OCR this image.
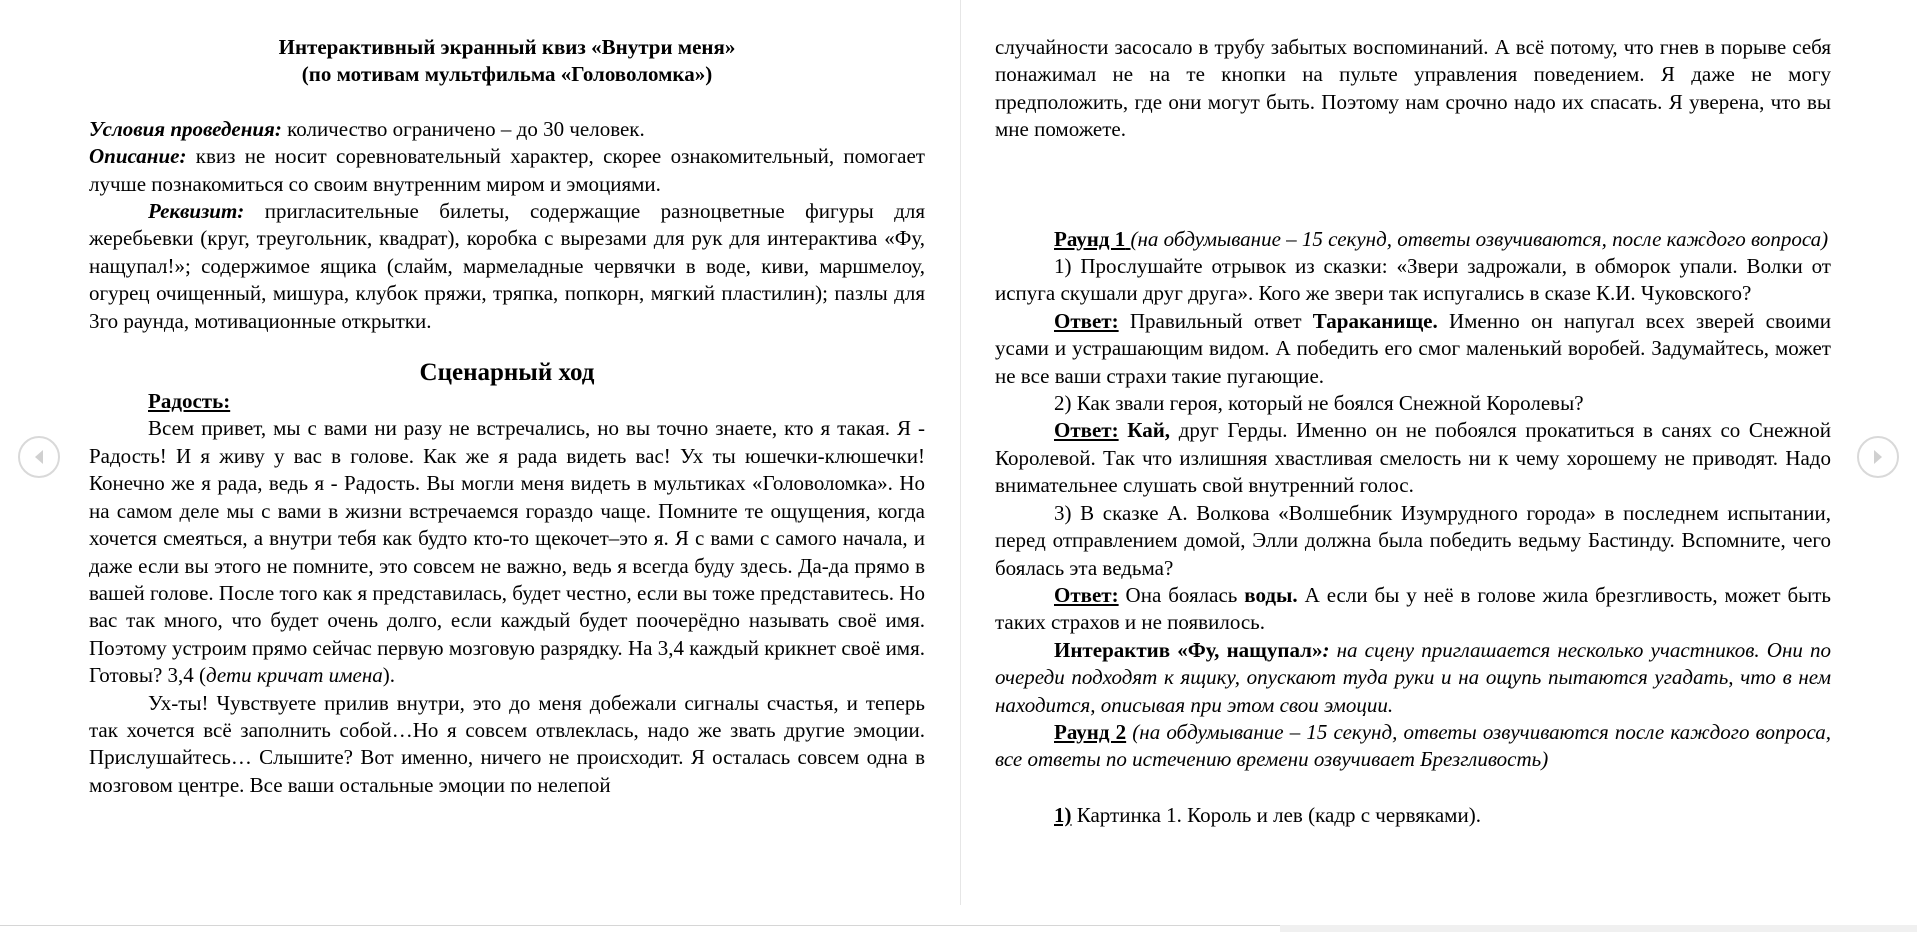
Интерактивный экранный квиз «Внутри меня»

(по мотивам мультфильма «Головоломка»)

Условия проведения: количество ограничено – до 30 человек.

Описание: квиз не носит соревновательный характер, скорее ознакомительный, помогает лучше познакомиться со своим внутренним миром и эмоциями.

Реквизит: пригласительные билеты, содержащие разноцветные фигуры для жеребьевки (круг, треугольник, квадрат), коробка с вырезами для рук для интерактива «Фу, нащупал!»; содержимое ящика (слайм, мармеладные червячки в воде, киви, маршмелоу, огурец очищенный, мишура, клубок пряжи, тряпка, попкорн, мягкий пластилин); пазлы для 3го раунда, мотивационные открытки.

Сценарный ход

Радость:

Всем привет, мы с вами ни разу не встречались, но вы точно знаете, кто я такая. Я - Радость! И я живу у вас в голове. Как же я рада видеть вас! Ух ты юшечки-клюшечки! Конечно же я рада, ведь я - Радость. Вы могли меня видеть в мультиках «Головоломка». Но на самом деле мы с вами в жизни встречаемся гораздо чаще. Помните те ощущения, когда хочется смеяться, а внутри тебя как будто кто-то щекочет–это я. Я с вами с самого начала, и даже если вы этого не помните, это совсем не важно, ведь я всегда буду здесь. Да-да прямо в вашей голове. После того как я представилась, будет честно, если вы тоже представитесь. Но вас так много, что будет очень долго, если каждый будет поочерёдно называть своё имя. Поэтому устроим прямо сейчас первую мозговую разрядку. На 3,4 каждый крикнет своё имя. Готовы? 3,4 (дети кричат имена).

Ух-ты! Чувствуете прилив внутри, это до меня добежали сигналы счастья, и теперь так хочется всё заполнить собой…Но я совсем отвлеклась, надо же звать другие эмоции. Прислушайтесь… Слышите? Вот именно, ничего не происходит. Я осталась совсем одна в мозговом центре. Все ваши остальные эмоции по нелепой

случайности засосало в трубу забытых воспоминаний. А всё потому, что гнев в порыве себя понажимал не на те кнопки на пульте управления поведением. Я даже не могу предположить, где они могут быть. Поэтому нам срочно надо их спасать. Я уверена, что вы мне поможете.

Раунд 1 (на обдумывание – 15 секунд, ответы озвучиваются, после каждого вопроса)

1) Прослушайте отрывок из сказки: «Звери задрожали, в обморок упали. Волки от испуга скушали друг друга». Кого же звери так испугались в сказе К.И. Чуковского?

Ответ: Правильный ответ Тараканище. Именно он напугал всех зверей своими усами и устрашающим видом. А победить его смог маленький воробей. Задумайтесь, может не все ваши страхи такие пугающие.

2) Как звали героя, который не боялся Снежной Королевы?

Ответ: Кай, друг Герды. Именно он не побоялся прокатиться в санях со Снежной Королевой. Так что излишняя хвастливая смелость ни к чему хорошему не приводят. Надо внимательнее слушать свой внутренний голос.

3) В сказке А. Волкова «Волшебник Изумрудного города» в последнем испытании, перед отправлением домой, Элли должна была победить ведьму Бастинду. Вспомните, чего боялась эта ведьма?

Ответ: Она боялась воды. А если бы у неё в голове жила брезгливость, может быть таких страхов и не появилось.

Интерактив «Фу, нащупал»: на сцену приглашается несколько участников. Они по очереди подходят к ящику, опускают туда руки и на ощупь пытаются угадать, что в нем находится, описывая при этом свои эмоции.

Раунд 2 (на обдумывание – 15 секунд, ответы озвучиваются после каждого вопроса, все ответы по истечению времени озвучивает Брезгливость)

1) Картинка 1. Король и лев (кадр с червяками).
